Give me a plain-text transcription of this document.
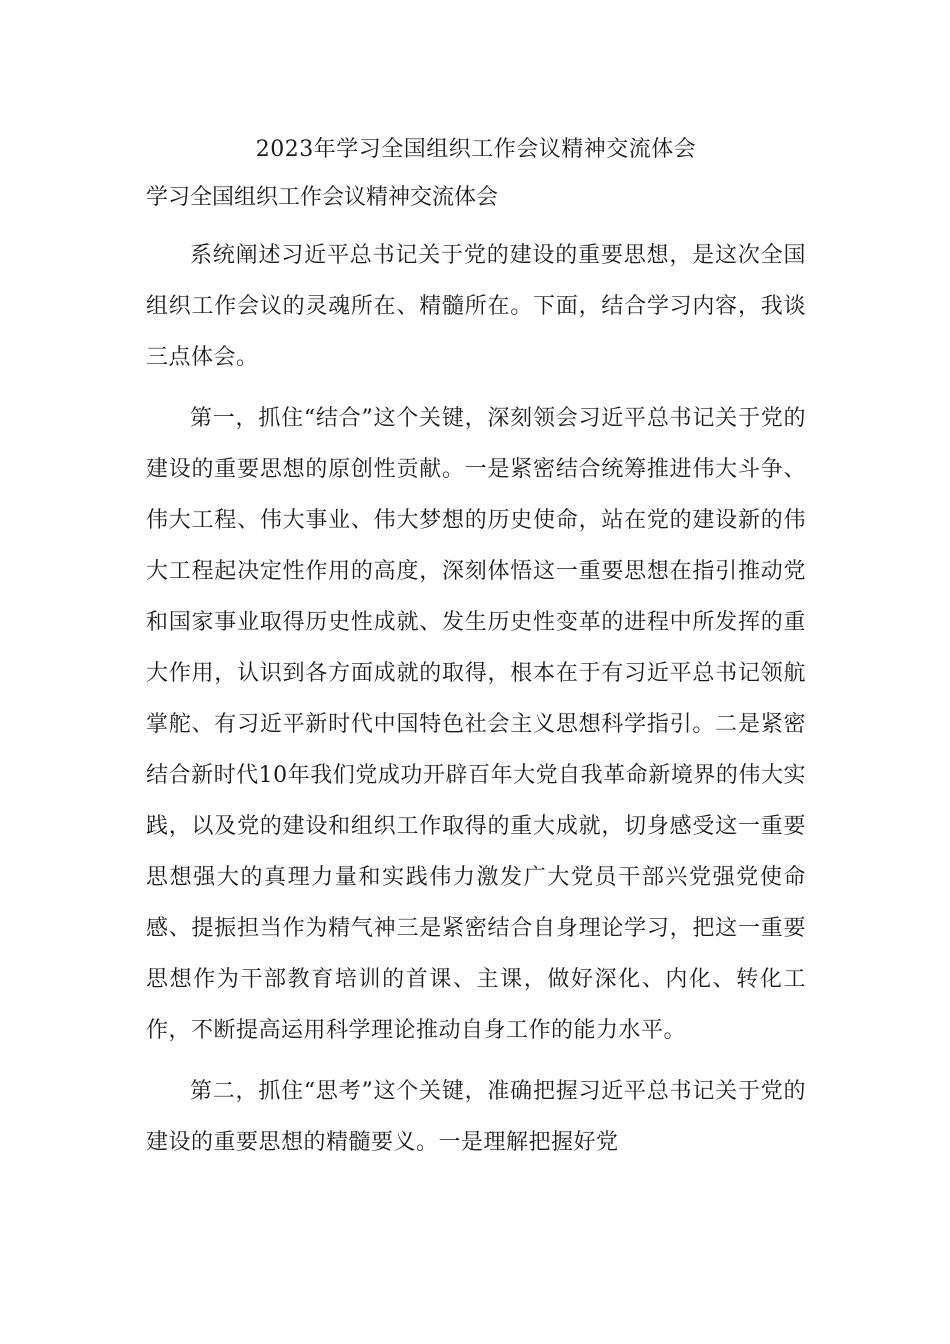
2023年学习全国组织工作会议精神交流体会
学习全国组织工作会议精神交流体会

系统阐述习近平总书记关于党的建设的重要思想，是这次全国组织工作会议的灵魂所在、精髓所在。下面，结合学习内容，我谈三点体会。

第一，抓住“结合”这个关键，深刻领会习近平总书记关于党的建设的重要思想的原创性贡献。一是紧密结合统筹推进伟大斗争、伟大工程、伟大事业、伟大梦想的历史使命，站在党的建设新的伟大工程起决定性作用的高度，深刻体悟这一重要思想在指引推动党和国家事业取得历史性成就、发生历史性变革的进程中所发挥的重大作用，认识到各方面成就的取得，根本在于有习近平总书记领航掌舵、有习近平新时代中国特色社会主义思想科学指引。二是紧密结合新时代10年我们党成功开辟百年大党自我革命新境界的伟大实践，以及党的建设和组织工作取得的重大成就，切身感受这一重要思想强大的真理力量和实践伟力激发广大党员干部兴党强党使命感、提振担当作为精气神三是紧密结合自身理论学习，把这一重要思想作为干部教育培训的首课、主课，做好深化、内化、转化工作，不断提高运用科学理论推动自身工作的能力水平。

第二，抓住“思考”这个关键，准确把握习近平总书记关于党的建设的重要思想的精髓要义。一是理解把握好党
